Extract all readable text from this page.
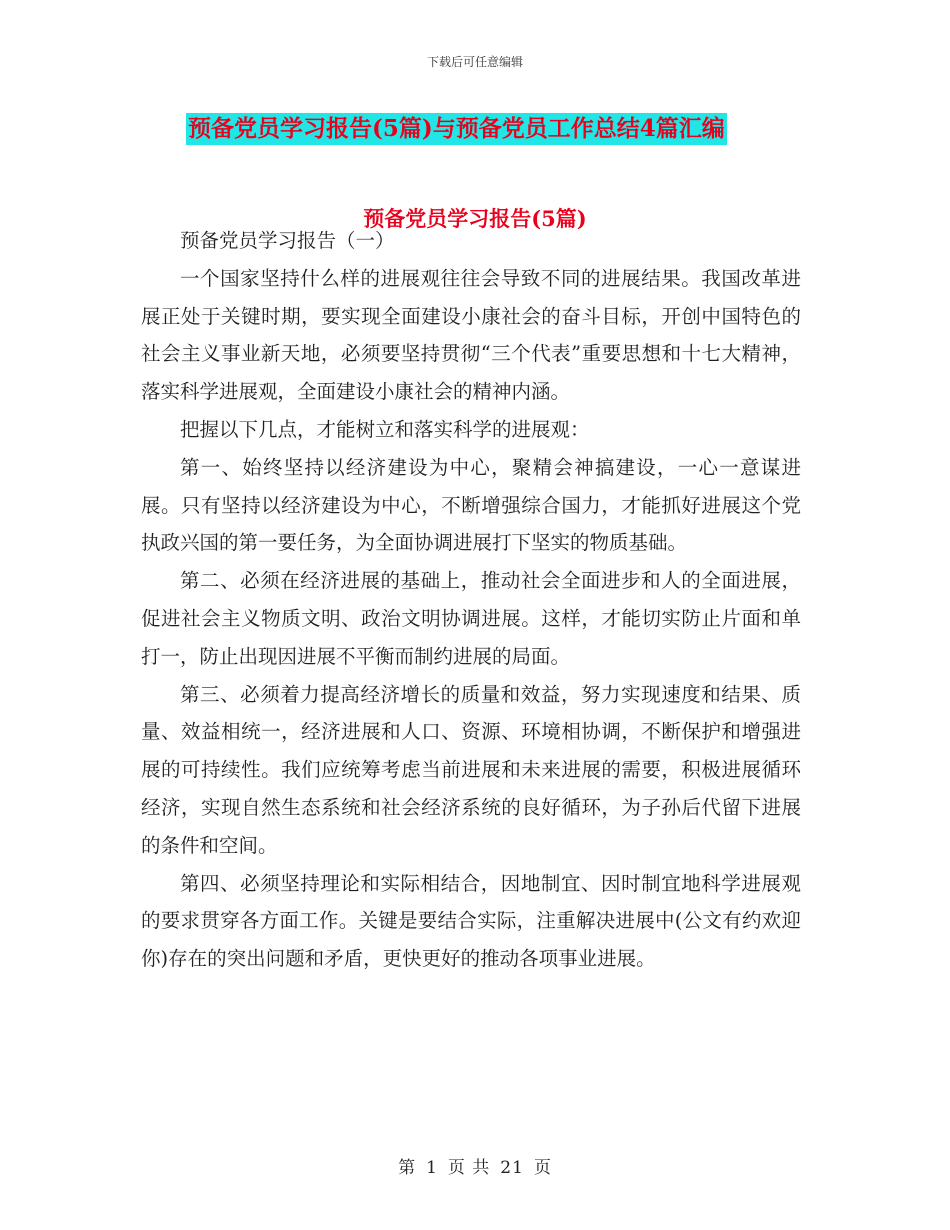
下载后可任意编辑
预备党员学习报告(5篇)与预备党员工作总结4篇汇编
预备党员学习报告(5篇)

预备党员学习报告（一）

一个国家坚持什么样的进展观往往会导致不同的进展结果。我国改革进展正处于关键时期，要实现全面建设小康社会的奋斗目标，开创中国特色的社会主义事业新天地，必须要坚持贯彻“三个代表”重要思想和十七大精神，落实科学进展观，全面建设小康社会的精神内涵。

把握以下几点，才能树立和落实科学的进展观：

第一、始终坚持以经济建设为中心，聚精会神搞建设，一心一意谋进展。只有坚持以经济建设为中心，不断增强综合国力，才能抓好进展这个党执政兴国的第一要任务，为全面协调进展打下坚实的物质基础。

第二、必须在经济进展的基础上，推动社会全面进步和人的全面进展，促进社会主义物质文明、政治文明协调进展。这样，才能切实防止片面和单打一，防止出现因进展不平衡而制约进展的局面。

第三、必须着力提高经济增长的质量和效益，努力实现速度和结果、质量、效益相统一，经济进展和人口、资源、环境相协调，不断保护和增强进展的可持续性。我们应统筹考虑当前进展和未来进展的需要，积极进展循环经济，实现自然生态系统和社会经济系统的良好循环，为子孙后代留下进展的条件和空间。

第四、必须坚持理论和实际相结合，因地制宜、因时制宜地科学进展观的要求贯穿各方面工作。关键是要结合实际，注重解决进展中(公文有约欢迎你)存在的突出问题和矛盾，更快更好的推动各项事业进展。

第 1 页 共 21 页
